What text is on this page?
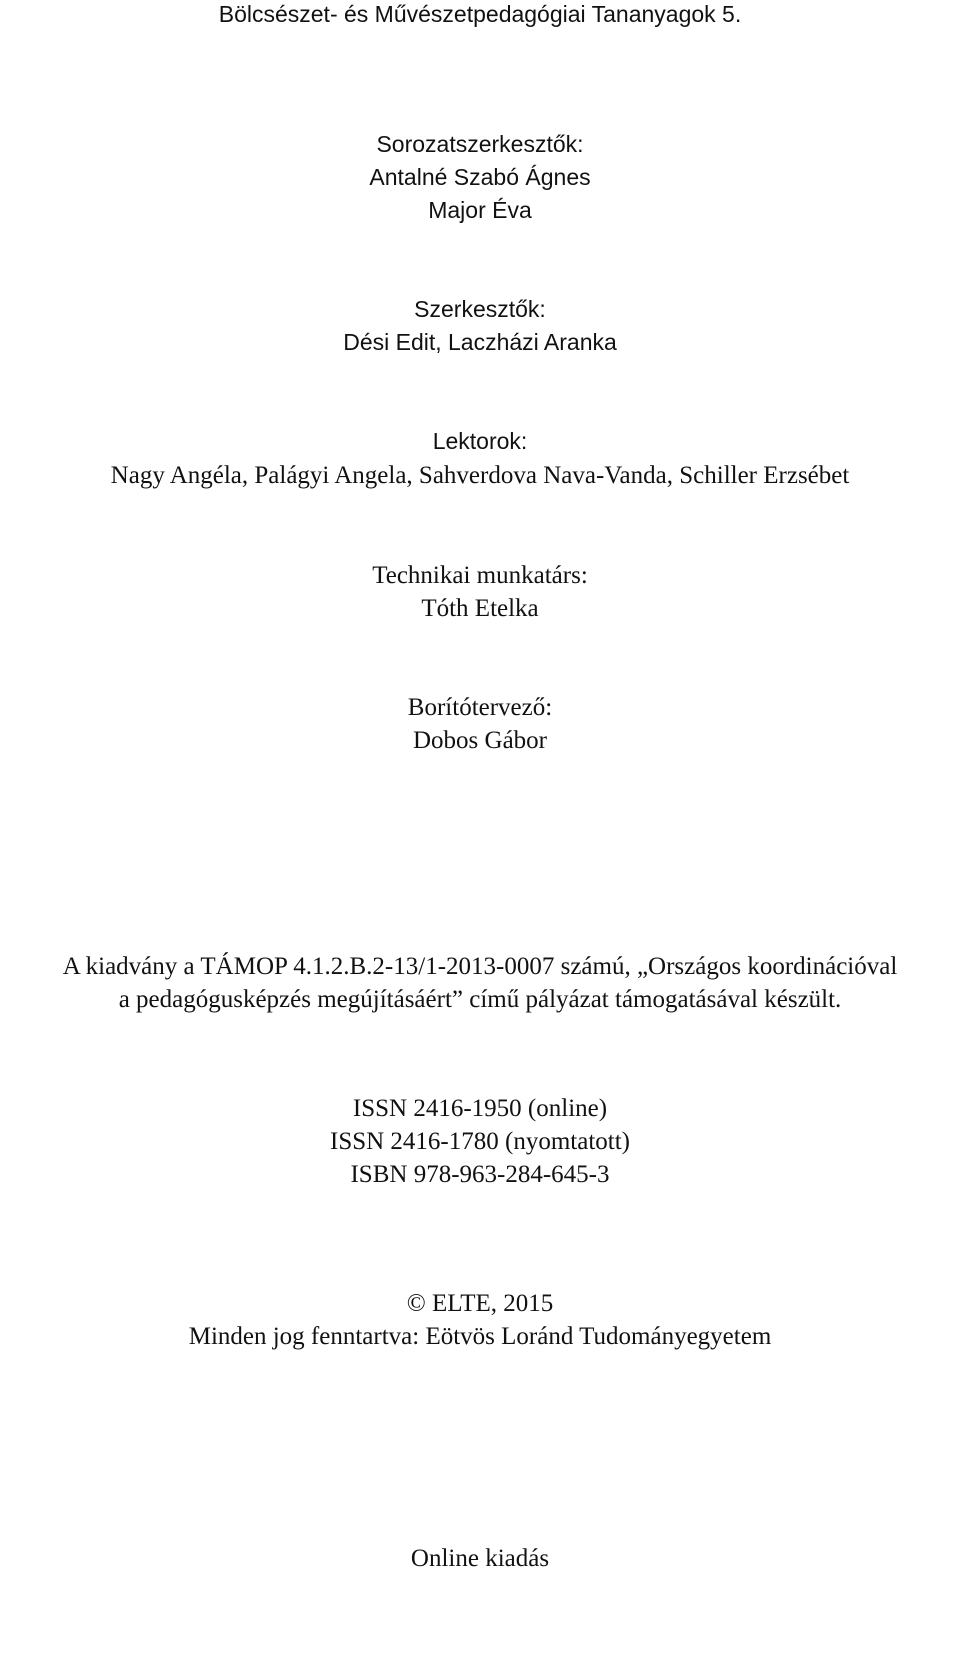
Bölcsészet- és Művészetpedagógiai Tananyagok 5.
Sorozatszerkesztők:
Antalné Szabó Ágnes
Major Éva
Szerkesztők:
Dési Edit, Laczházi Aranka
Lektorok:
Nagy Angéla, Palágyi Angela, Sahverdova Nava-Vanda, Schiller Erzsébet
Technikai munkatárs:
Tóth Etelka
Borítótervező:
Dobos Gábor
A kiadvány a TÁMOP 4.1.2.B.2-13/1-2013-0007 számú, „Országos koordinációval
a pedagógusképzés megújításáért” című pályázat támogatásával készült.
ISSN 2416-1950 (online)
ISSN 2416-1780 (nyomtatott)
ISBN 978-963-284-645-3
© ELTE, 2015
Minden jog fenntartva: Eötvös Loránd Tudományegyetem
Online kiadás
